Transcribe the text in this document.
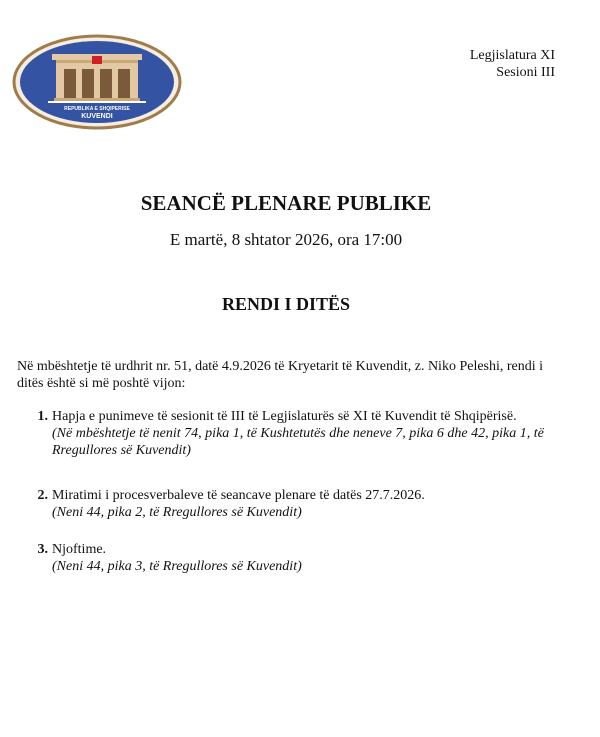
REPUBLIKA E SHQIPERISE
KUVENDI
Legjislatura XI
Sesioni III
SEANCË PLENARE PUBLIKE
E martë, 8 shtator 2026, ora 17:00
RENDI I DITËS
Në mbështetje të urdhrit nr. 51, datë 4.9.2026 të Kryetarit të Kuvendit, z. Niko Peleshi, rendi i ditës është si më poshtë vijon:
1. Hapja e punimeve të sesionit të III të Legjislaturës së XI të Kuvendit të Shqipërisë.
(Në mbështetje të nenit 74, pika 1, të Kushtetutës dhe neneve 7, pika 6 dhe 42, pika 1, të Rregullores së Kuvendit)
2. Miratimi i procesverbaleve të seancave plenare të datës 27.7.2026.
(Neni 44, pika 2, të Rregullores së Kuvendit)
3. Njoftime.
(Neni 44, pika 3, të Rregullores së Kuvendit)
